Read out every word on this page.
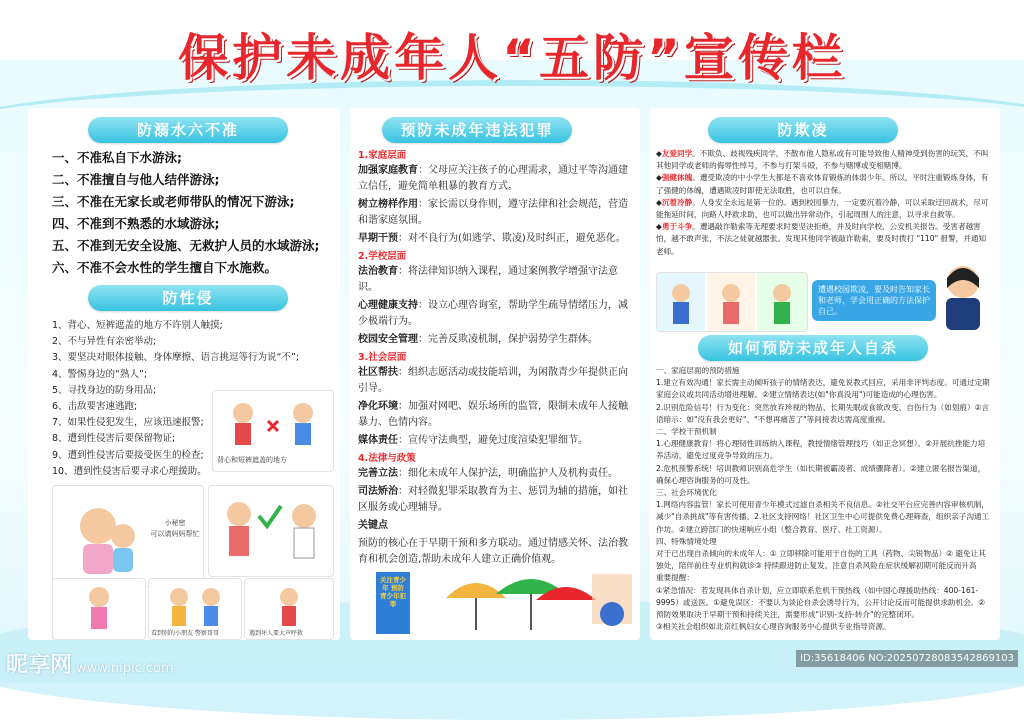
保护未成年人“五防”宣传栏
防溺水六不准
一、不准私自下水游泳;
二、不准擅自与他人结伴游泳;
三、不准在无家长或老师带队的情况下游泳;
四、不准到不熟悉的水域游泳;
五、不准到无安全设施、无救护人员的水域游泳;
六、不准不会水性的学生擅自下水施救。
防性侵
1、背心、短裤遮盖的地方不许别人触摸;
2、不与异性有亲密举动;
3、要坚决对眼体接触、身体摩擦、语言挑逗等行为说“不”;
4、警惕身边的“熟人”;
5、寻找身边的防身用品;
6、击敌要害速逃跑;
7、如果性侵犯发生，应该迅速报警;
8、遭到性侵害后要保留物证;
9、遭到性侵害后要接受医生的检查;
10、遭到性侵害后要寻求心理援助。
背心和短裤遮盖的地方
小秘密
可以请妈妈帮忙
看到别的小朋友 警察哥哥	遇到坏人要大声呼救
预防未成年违法犯罪
1.家庭层面

加强家庭教育：父母应关注孩子的心理需求，通过平等沟通建立信任，避免简单粗暴的教育方式。

树立榜样作用：家长需以身作则，遵守法律和社会规范，营造和谐家庭氛围。

早期干预：对不良行为(如逃学、欺凌)及时纠正，避免恶化。

2.学校层面

法治教育：将法律知识纳入课程，通过案例教学增强守法意识。

心理健康支持：设立心理咨询室，帮助学生疏导情绪压力，减少极端行为。

校园安全管理：完善反欺凌机制，保护弱势学生群体。

3.社会层面

社区帮扶：组织志愿活动或技能培训，为闲散青少年提供正向引导。

净化环境：加强对网吧、娱乐场所的监管，限制未成年人接触暴力、色情内容。

媒体责任：宣传守法典型，避免过度渲染犯罪细节。

4.法律与政策

完善立法：细化未成年人保护法，明确监护人及机构责任。

司法矫治：对轻微犯罪采取教育为主、惩罚为辅的措施，如社区服务或心理辅导。

关键点

预防的核心在于早期干预和多方联动。通过情感关怀、法治教育和机会创造,帮助未成年人建立正确价值观。

关注青少年 预防青少年犯罪
防欺凌

◆友爱同学。不欺负、歧视残疾同学，不散布他人隐私或有可能导致他人精神受到伤害的玩笑，不叫其他同学或老师的侮辱性绰号，不参与打架斗殴，不参与赌博或变相赌博。

◆强健体魄。遭受欺凌的中小学生大都是不喜欢体育锻炼的体弱少年。所以，平时注重锻炼身体，有了强健的体魄，遭遇欺凌时即使无法取胜，也可以自保。

◆沉着冷静。人身安全永远是第一位的。遇到校园暴力，一定要沉着冷静，可以采取迂回战术，尽可能拖延时间，向路人呼救求助，也可以做出异常动作，引起周围人的注意，以寻求自救等。

◆勇于斗争。遭遇敲诈勒索等无理要求时要坚决拒绝，并及时向学校、公安机关报告。受害者越害怕，越不敢声张，不法之徒就越嚣张。发现其他同学被敲诈勒索，要及时拨打 "110" 报警，并通知老师。

遭遇校园欺凌，要及时告知家长和老师，学会用正确的方法保护自己。
如何预防未成年人自杀

一、家庭层面的预防措施

1.建立有效沟通！家长需主动倾听孩子的情绪表达，避免说教式回应，采用非评判态度。可通过定期家庭会议或共同活动增进理解。②建立情绪表达(如"你真没用")可能造成的心理伤害。

2.识别危险信号！行为变化：突然放弃珍视的物品、长期失眠或食欲改变、自伤行为（如划痕）②言语暗示：如"没有我会更好"、"不想再痛苦了"等间接表达需高度重视。

二、学校干预机制

1.心理健康教育！将心理韧性训练纳入课程，教授情绪管理技巧（如正念冥想）。②开展抗挫能力培养活动，避免过度竞争导致的压力。

2.危机预警系统！培训教师识别高危学生（如长期被霸凌者、成绩骤降者）。②建立匿名报告渠道，确保心理咨询服务的可及性。

三、社会环境优化

1.网络内容监管！家长可使用青少年模式过滤自杀相关不良信息。②社交平台应完善内容审核机制，减少"自杀挑战"等有害传播。2.社区支持网络！社区卫生中心可提供免费心理筛查，组织亲子沟通工作坊。②建立跨部门的快速响应小组（整合教育、医疗、社工资源）。

四、特殊情境处理

对于已出现自杀倾向的未成年人：① 立即移除可能用于自伤的工具（药物、尖锐物品）② 避免让其独处，陪伴前往专业机构就诊③ 持续跟进防止复发，注意自杀风险在症状缓解初期可能反而升高

重要提醒：

①紧急情况：若发现具体自杀计划，应立即联系危机干预热线（如中国心理援助热线：400-161-9995）或送医。①避免误区：不要认为谈论自杀会诱导行为，公开讨论反而可能提供求助机会。②预防效果取决于早期干预和持续关注，需要形成"识别-支持-转介"的完整闭环。

③相关社会组织如北京红枫妇女心理咨询服务中心提供专业指导资源。

昵享网 www.nipic.com
ID:35618406 NO:20250728083542869103
